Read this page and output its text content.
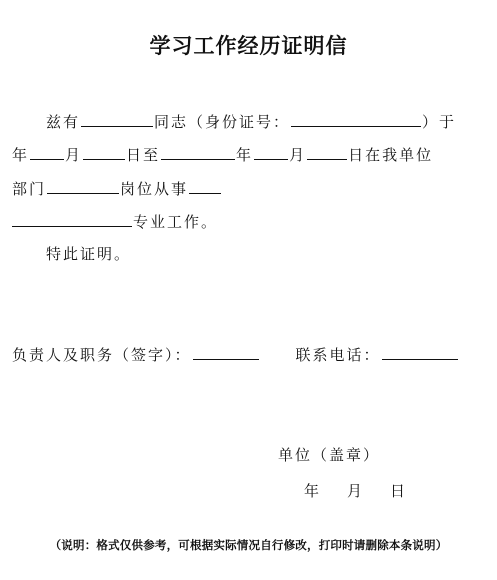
学习工作经历证明信
兹有	同志（身份证号：	）于
年 月	日至	年 月	日在我单位
部门	岗位从事
专业工作。
特此证明。
负责人及职务（签字）：	联系电话：
单位（盖章）
年 月 日
（说明：格式仅供参考，可根据实际情况自行修改，打印时请删除本条说明）
